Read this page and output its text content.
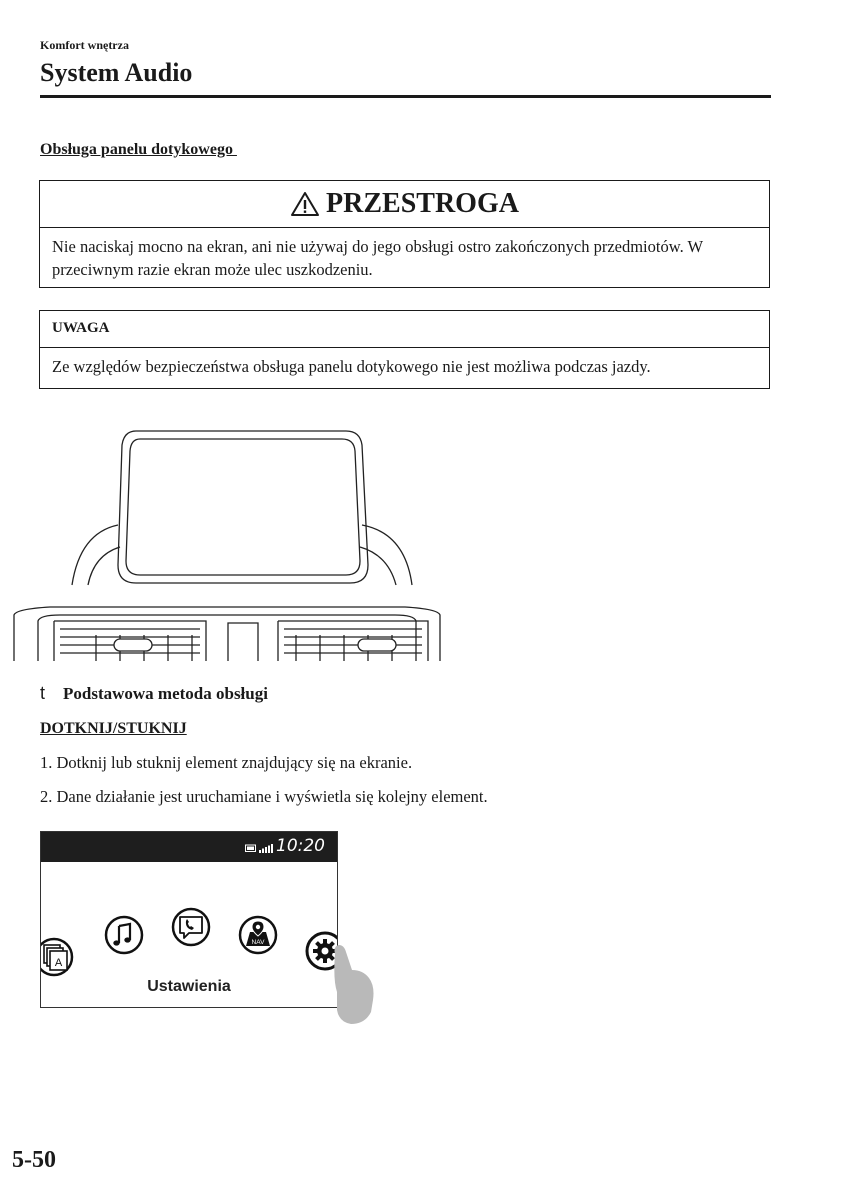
Komfort wnętrza
System Audio
Obsługa panelu dotykowego
PRZESTROGA
Nie naciskaj mocno na ekran, ani nie używaj do jego obsługi ostro zakończonych przedmiotów. W przeciwnym razie ekran może ulec uszkodzeniu.
UWAGA
Ze względów bezpieczeństwa obsługa panelu dotykowego nie jest możliwa podczas jazdy.
t Podstawowa metoda obsługi
DOTKNIJ/STUKNIJ
1. Dotknij lub stuknij element znajdujący się na ekranie.
2. Dane działanie jest uruchamiane i wyświetla się kolejny element.
10:20
A
NAV
Ustawienia
5-50
